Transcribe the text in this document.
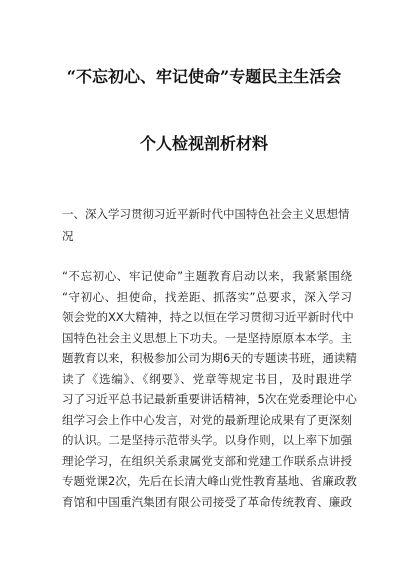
“不忘初心、牢记使命”专题民主生活会
个人检视剖析材料
一、深入学习贯彻习近平新时代中国特色社会主义思想情况
“不忘初心、牢记使命”主题教育启动以来，我紧紧围绕
“守初心、担使命，找差距、抓落实”总要求，深入学习
领会党的XX大精神，持之以恒在学习贯彻习近平新时代中
国特色社会主义思想上下功夫。一是坚持原原本本学。主
题教育以来，积极参加公司为期6天的专题读书班，通读精
读了《选编》、《纲要》、党章等规定书目，及时跟进学
习了习近平总书记最新重要讲话精神，5次在党委理论中心
组学习会上作中心发言，对党的最新理论成果有了更深刻
的认识。二是坚持示范带头学。以身作则，以上率下加强
理论学习，在组织关系隶属党支部和党建工作联系点讲授
专题党课2次，先后在长清大峰山党性教育基地、省廉政教
育馆和中国重汽集团有限公司接受了革命传统教育、廉政
